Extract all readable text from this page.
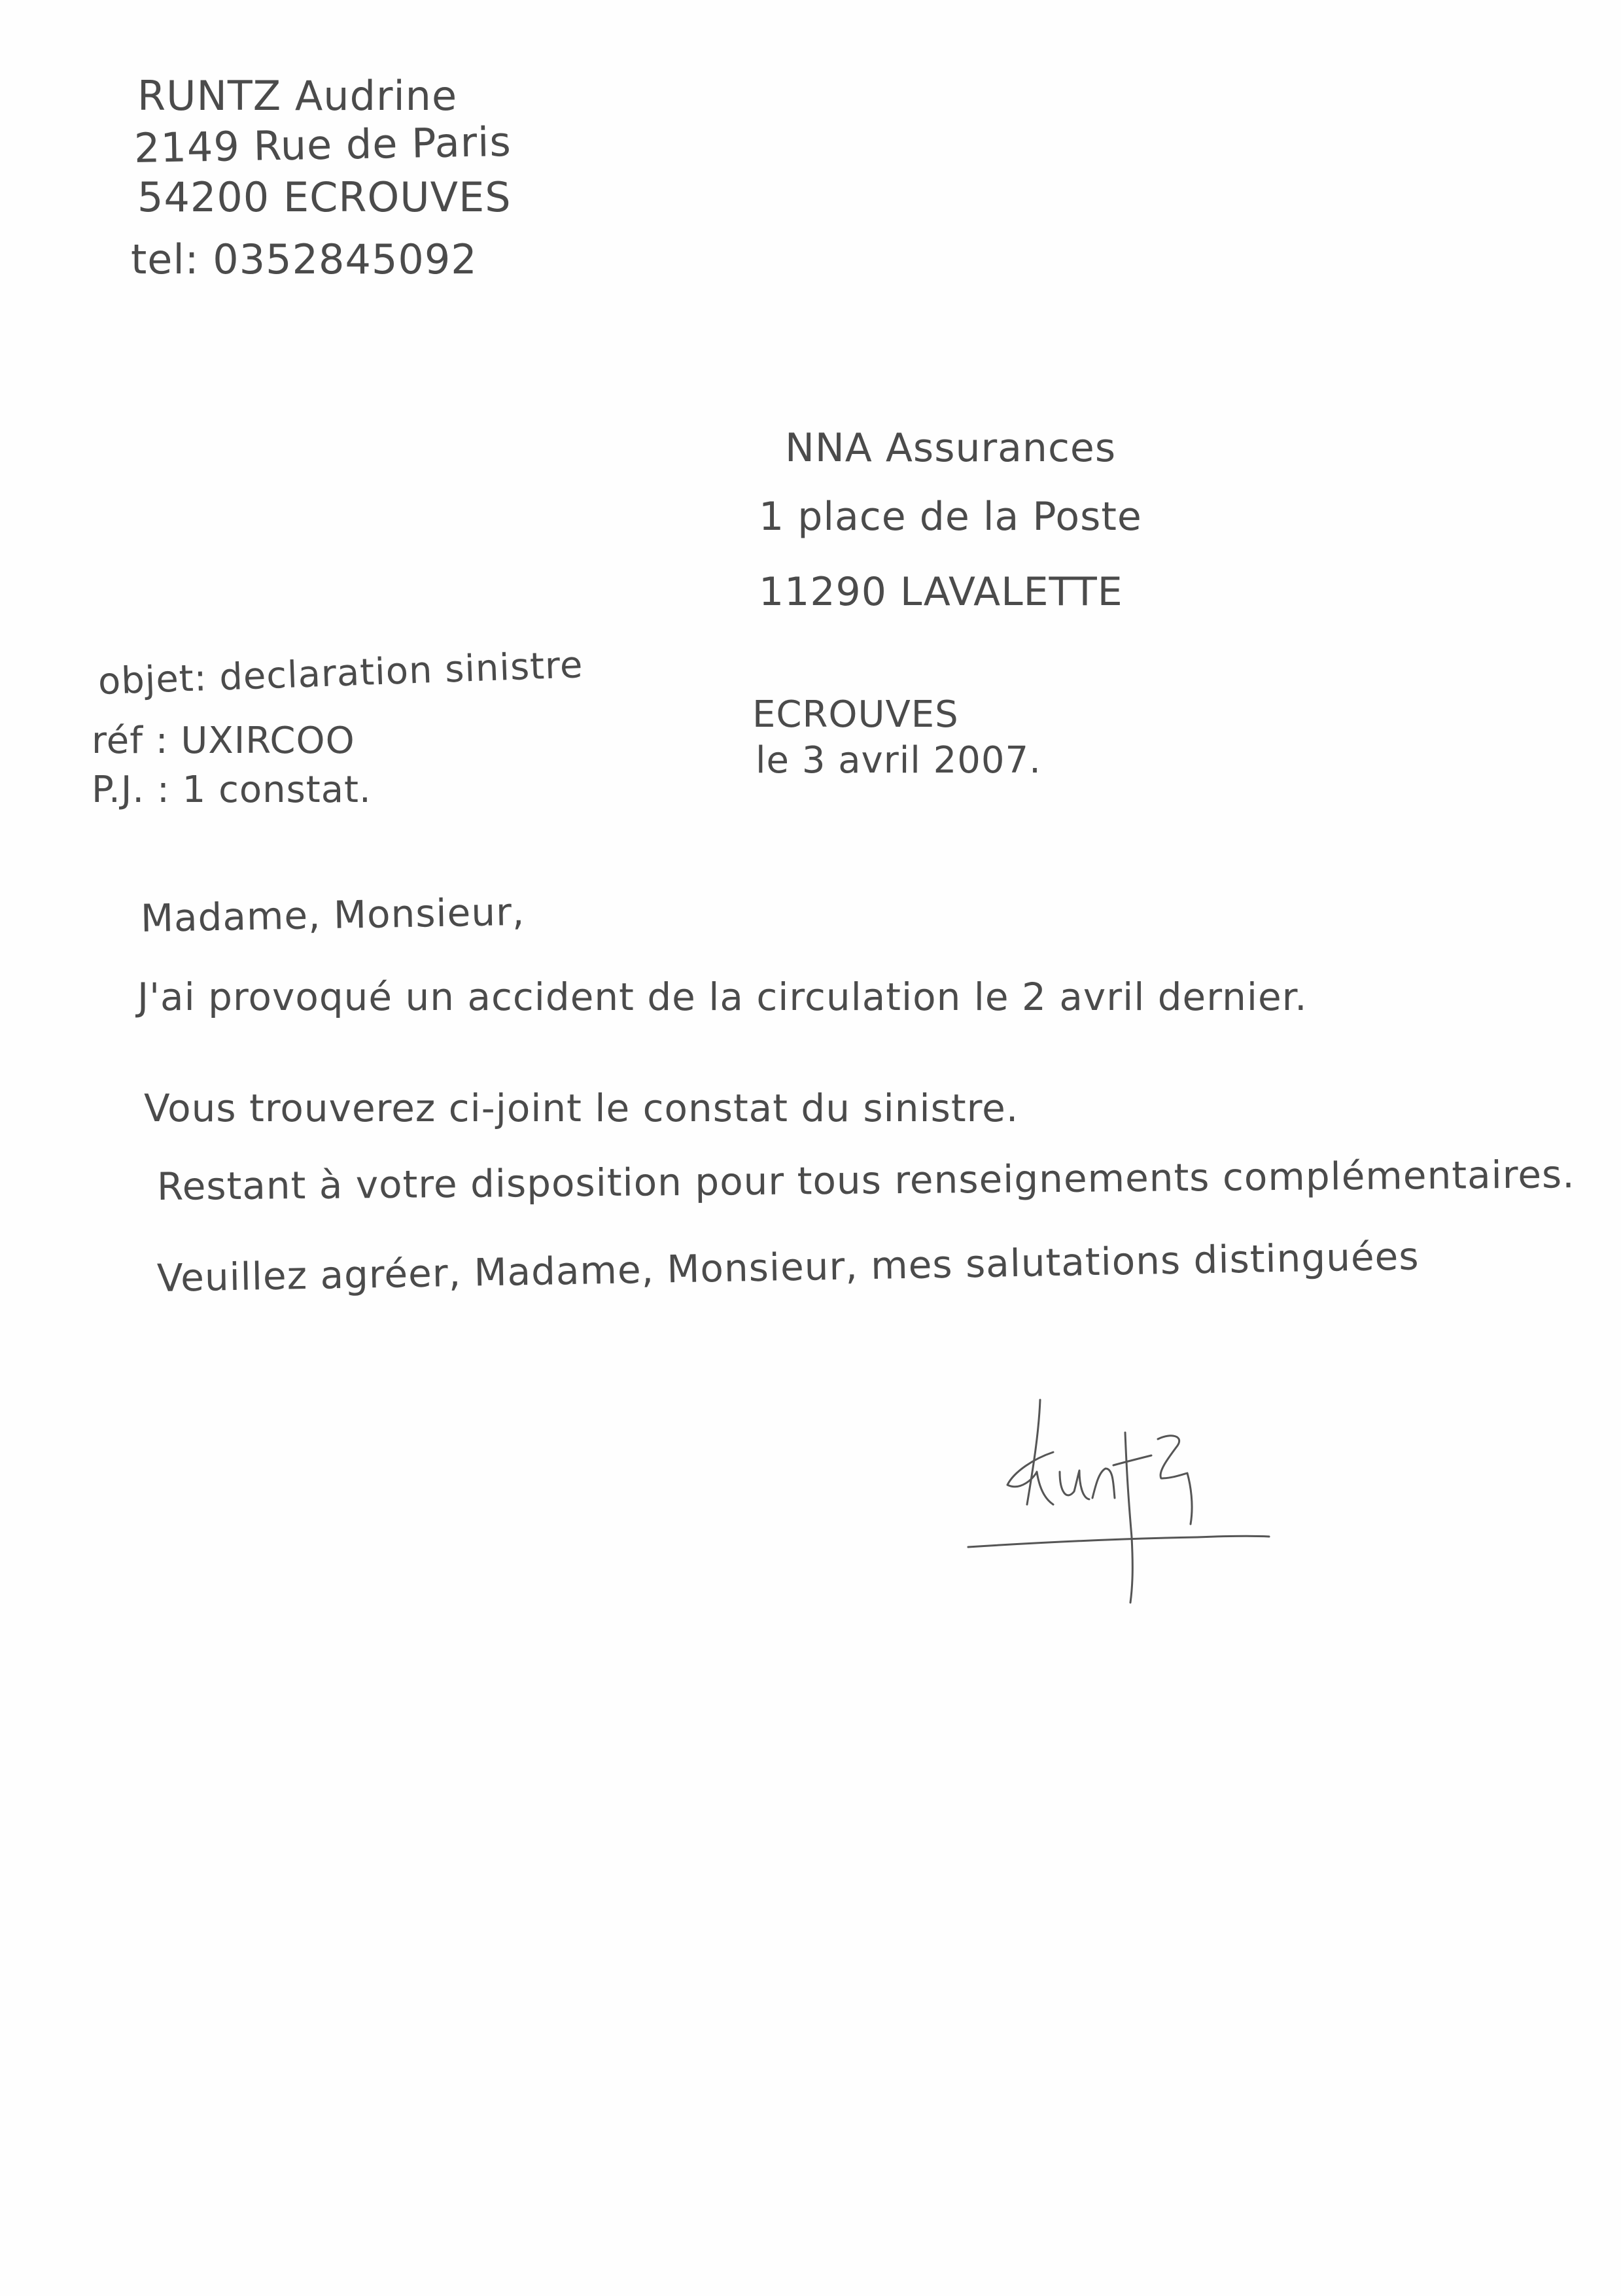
RUNTZ Audrine
2149 Rue de Paris
54200 ECROUVES
tel: 0352845092
NNA Assurances
1 place de la Poste
11290 LAVALETTE
objet: declaration sinistre
réf : UXIRCOO
P.J. : 1 constat.
ECROUVES
le 3 avril 2007.
Madame, Monsieur,
J'ai provoqué un accident de la circulation le 2 avril dernier.
Vous trouverez ci-joint le constat du sinistre.
Restant à votre disposition pour tous renseignements complémentaires.
Veuillez agréer, Madame, Monsieur, mes salutations distinguées
